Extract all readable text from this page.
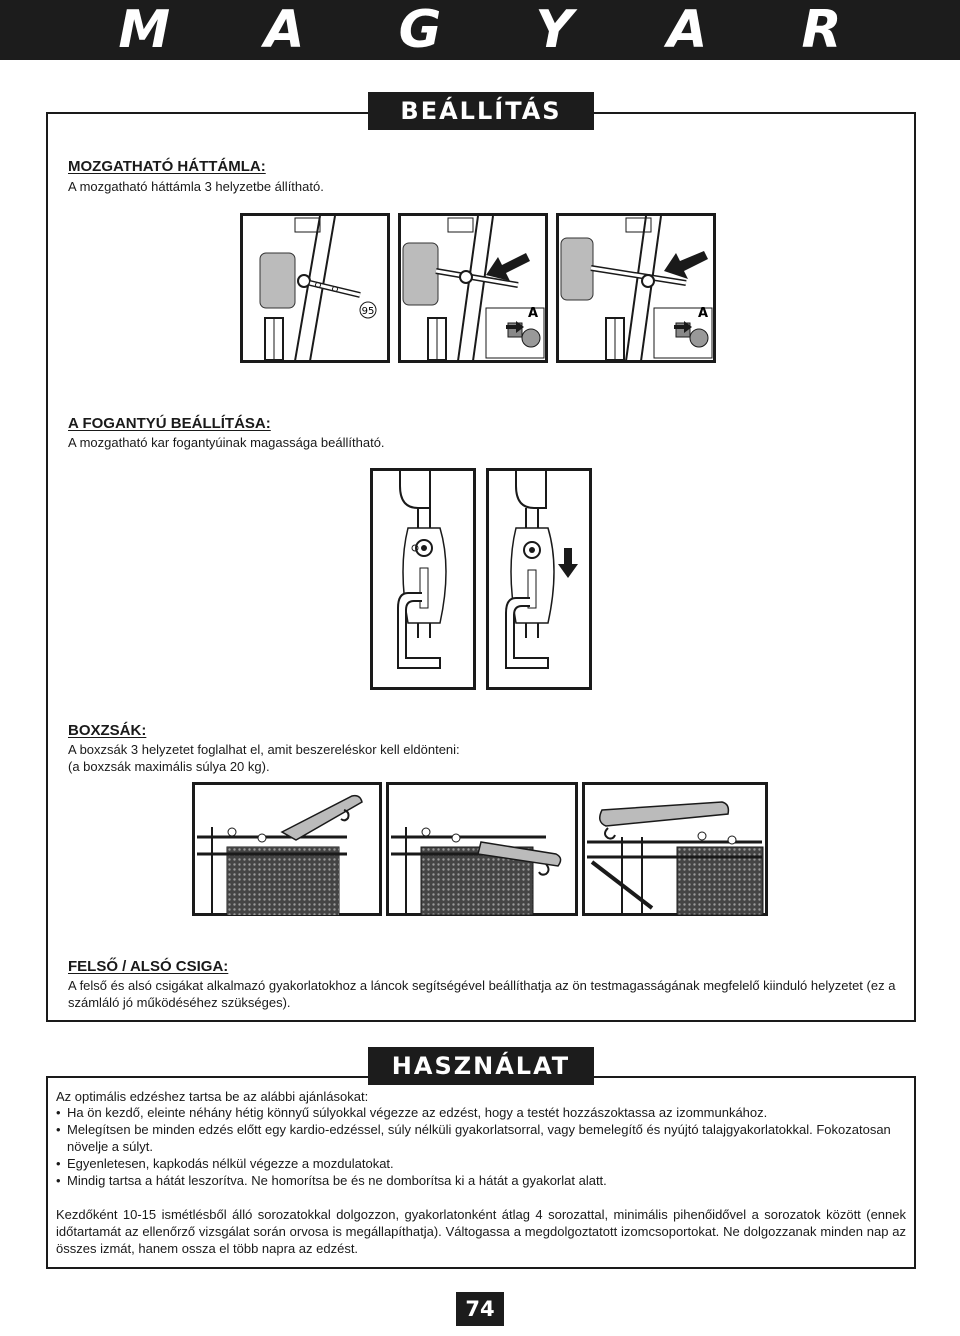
M A G Y A R
BEÁLLÍTÁS
MOZGATHATÓ HÁTTÁMLA:
A mozgatható háttámla 3 helyzetbe állítható.
95	A	A
A FOGANTYÚ BEÁLLÍTÁSA:
A mozgatható kar fogantyúinak magassága beállítható.
BOXZSÁK:
A boxzsák 3 helyzetet foglalhat el, amit beszereléskor kell eldönteni:
(a boxzsák maximális súlya 20 kg).
FELSŐ / ALSÓ CSIGA:
A felső és alsó csigákat alkalmazó gyakorlatokhoz a láncok segítségével beállíthatja az ön testmagasságának megfelelő kiinduló helyzetet (ez a számláló jó működéséhez szükséges).
HASZNÁLAT
Az optimális edzéshez tartsa be az alábbi ajánlásokat:
• Ha ön kezdő, eleinte néhány hétig könnyű súlyokkal végezze az edzést, hogy a testét hozzászoktassa az izommunkához.
• Melegítsen be minden edzés előtt egy kardio-edzéssel, súly nélküli gyakorlatsorral, vagy bemelegítő és nyújtó talajgyakorlatokkal. Fokozatosan növelje a súlyt.
• Egyenletesen, kapkodás nélkül végezze a mozdulatokat.
• Mindig tartsa a hátát leszorítva. Ne homorítsa be és ne domborítsa ki a hátát a gyakorlat alatt.
Kezdőként 10-15 ismétlésből álló sorozatokkal dolgozzon, gyakorlatonként átlag 4 sorozattal, minimális pihenőidővel a sorozatok között (ennek időtartamát az ellenőrző vizsgálat során orvosa is megállapíthatja). Váltogassa a megdolgoztatott izomcsoportokat. Ne dolgozzanak minden nap az összes izmát, hanem ossza el több napra az edzést.
74
